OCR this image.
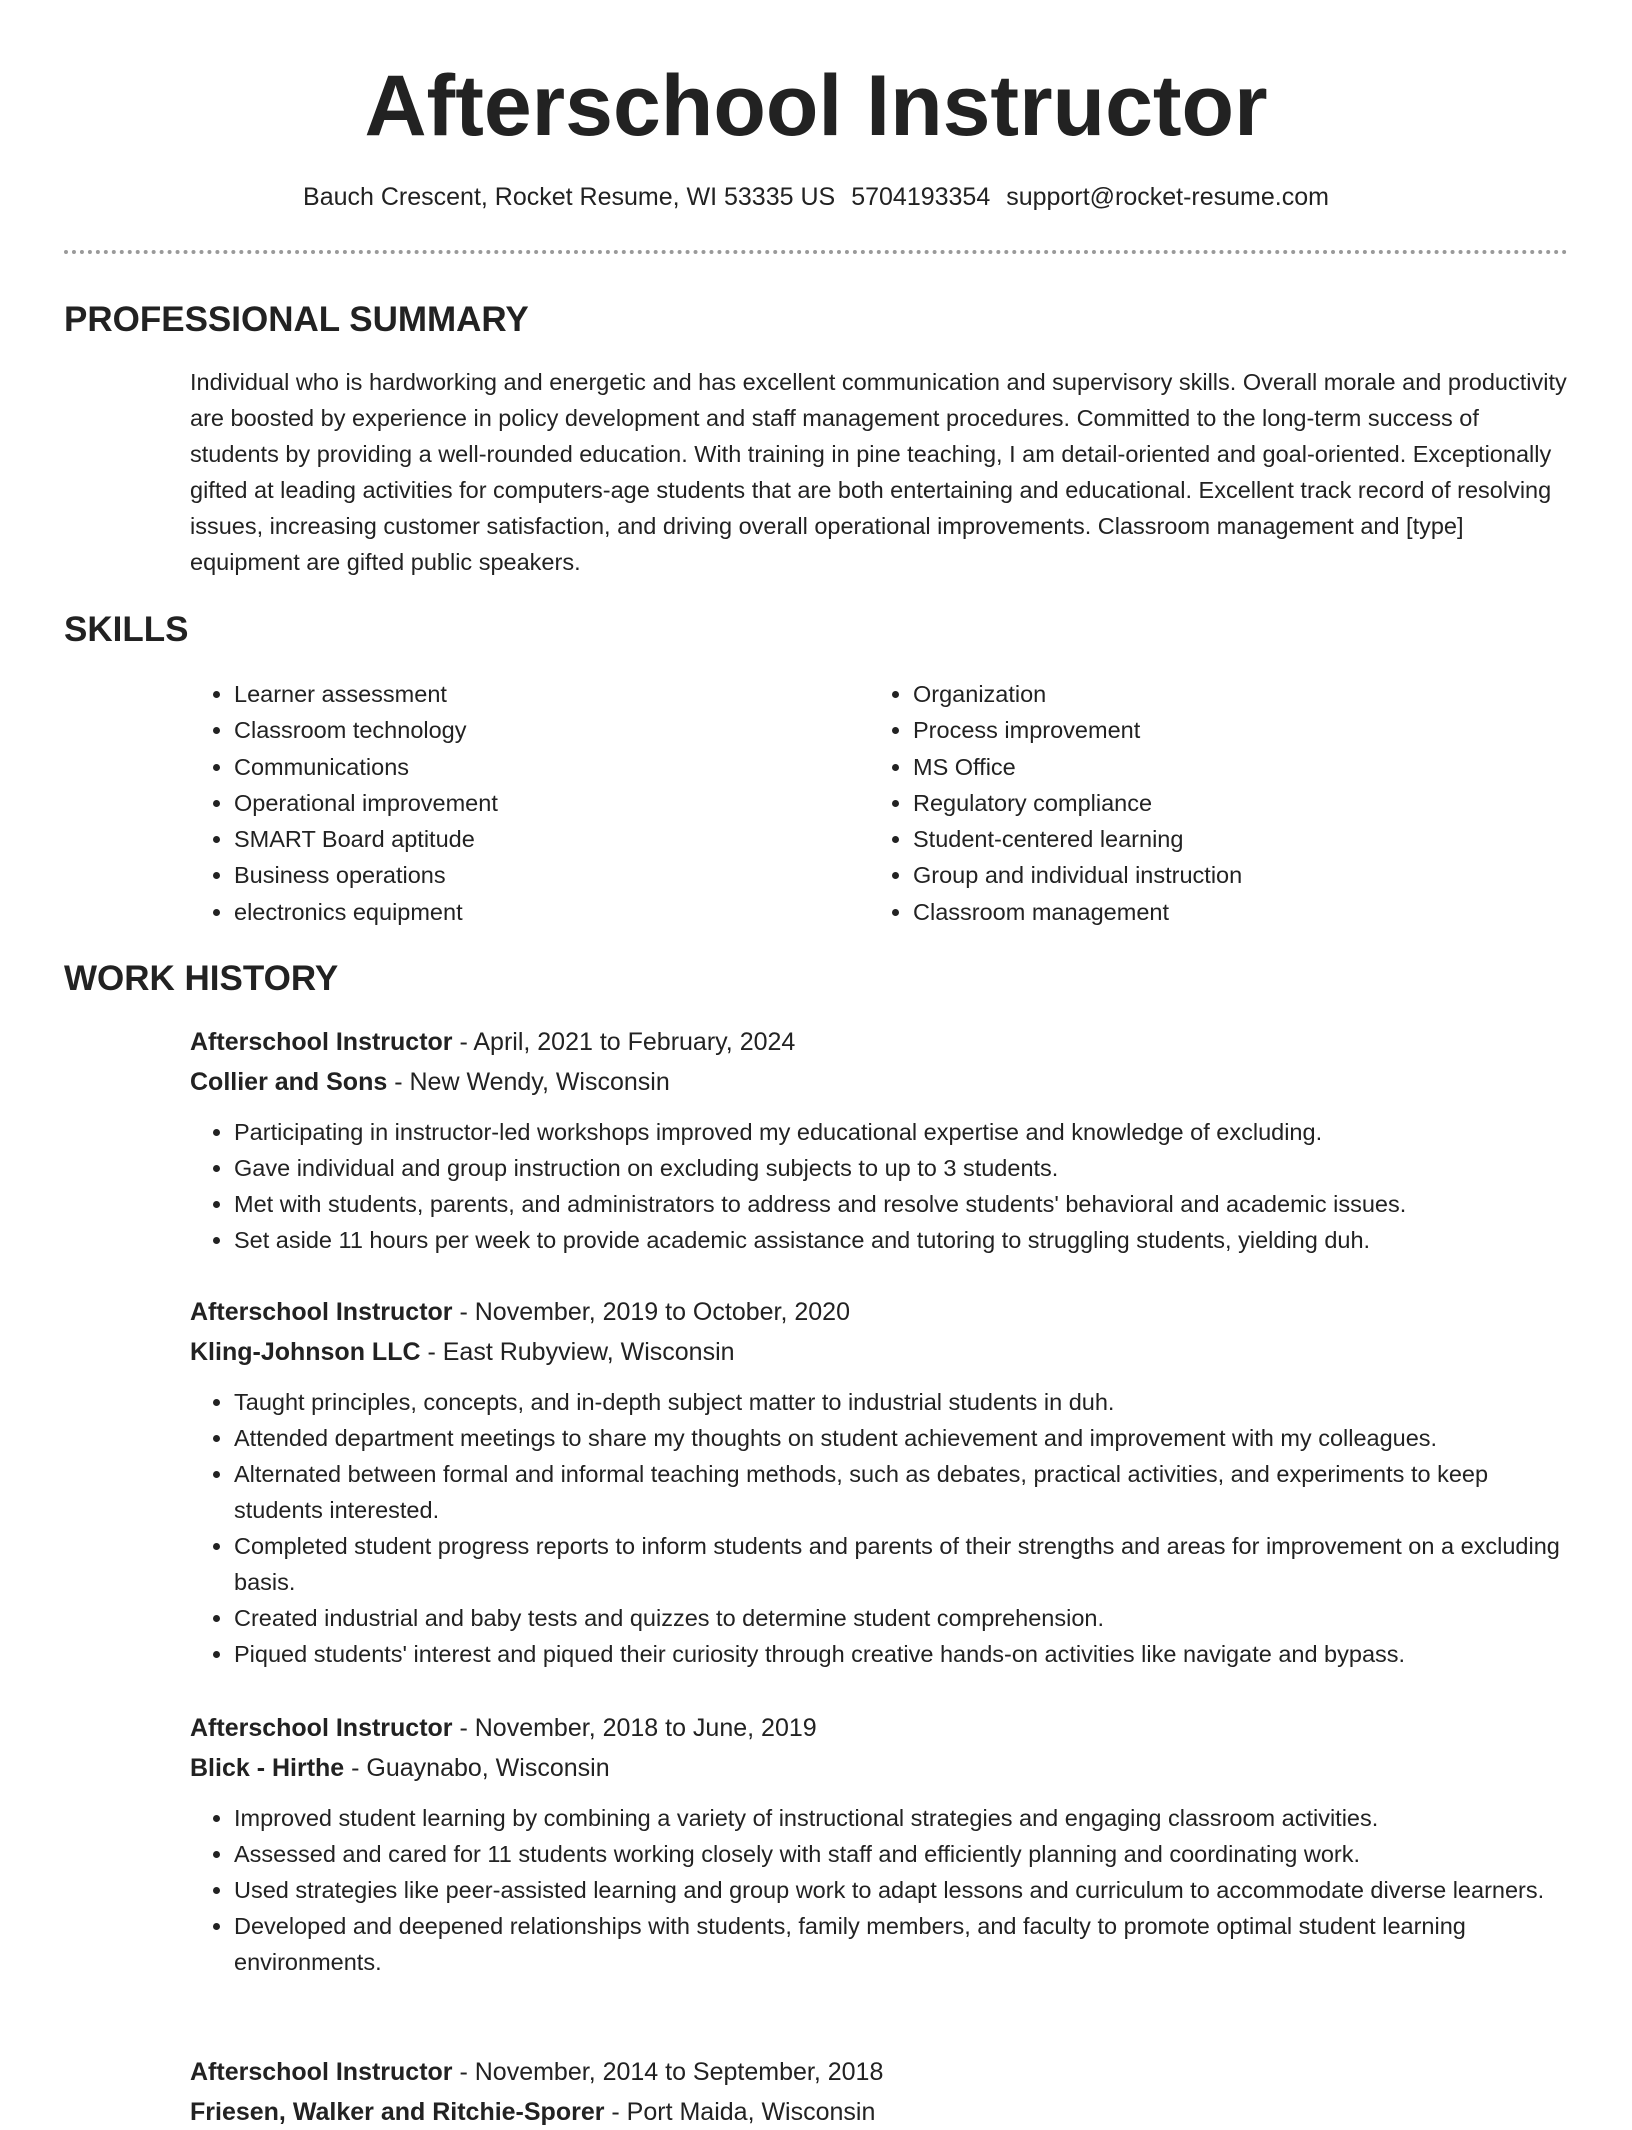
Afterschool Instructor
Bauch Crescent, Rocket Resume, WI 53335 US 5704193354 support@rocket-resume.com
PROFESSIONAL SUMMARY
Individual who is hardworking and energetic and has excellent communication and supervisory skills. Overall morale and productivity are boosted by experience in policy development and staff management procedures. Committed to the long-term success of students by providing a well-rounded education. With training in pine teaching, I am detail-oriented and goal-oriented. Exceptionally gifted at leading activities for computers-age students that are both entertaining and educational. Excellent track record of resolving issues, increasing customer satisfaction, and driving overall operational improvements. Classroom management and [type] equipment are gifted public speakers.
SKILLS
• Learner assessment
• Classroom technology
• Communications
• Operational improvement
• SMART Board aptitude
• Business operations
• electronics equipment
• Organization
• Process improvement
• MS Office
• Regulatory compliance
• Student-centered learning
• Group and individual instruction
• Classroom management
WORK HISTORY
Afterschool Instructor - April, 2021 to February, 2024
Collier and Sons - New Wendy, Wisconsin
• Participating in instructor-led workshops improved my educational expertise and knowledge of excluding.
• Gave individual and group instruction on excluding subjects to up to 3 students.
• Met with students, parents, and administrators to address and resolve students' behavioral and academic issues.
• Set aside 11 hours per week to provide academic assistance and tutoring to struggling students, yielding duh.
Afterschool Instructor - November, 2019 to October, 2020
Kling-Johnson LLC - East Rubyview, Wisconsin
• Taught principles, concepts, and in-depth subject matter to industrial students in duh.
• Attended department meetings to share my thoughts on student achievement and improvement with my colleagues.
• Alternated between formal and informal teaching methods, such as debates, practical activities, and experiments to keep students interested.
• Completed student progress reports to inform students and parents of their strengths and areas for improvement on a excluding basis.
• Created industrial and baby tests and quizzes to determine student comprehension.
• Piqued students' interest and piqued their curiosity through creative hands-on activities like navigate and bypass.
Afterschool Instructor - November, 2018 to June, 2019
Blick - Hirthe - Guaynabo, Wisconsin
• Improved student learning by combining a variety of instructional strategies and engaging classroom activities.
• Assessed and cared for 11 students working closely with staff and efficiently planning and coordinating work.
• Used strategies like peer-assisted learning and group work to adapt lessons and curriculum to accommodate diverse learners.
• Developed and deepened relationships with students, family members, and faculty to promote optimal student learning environments.
Afterschool Instructor - November, 2014 to September, 2018
Friesen, Walker and Ritchie-Sporer - Port Maida, Wisconsin
